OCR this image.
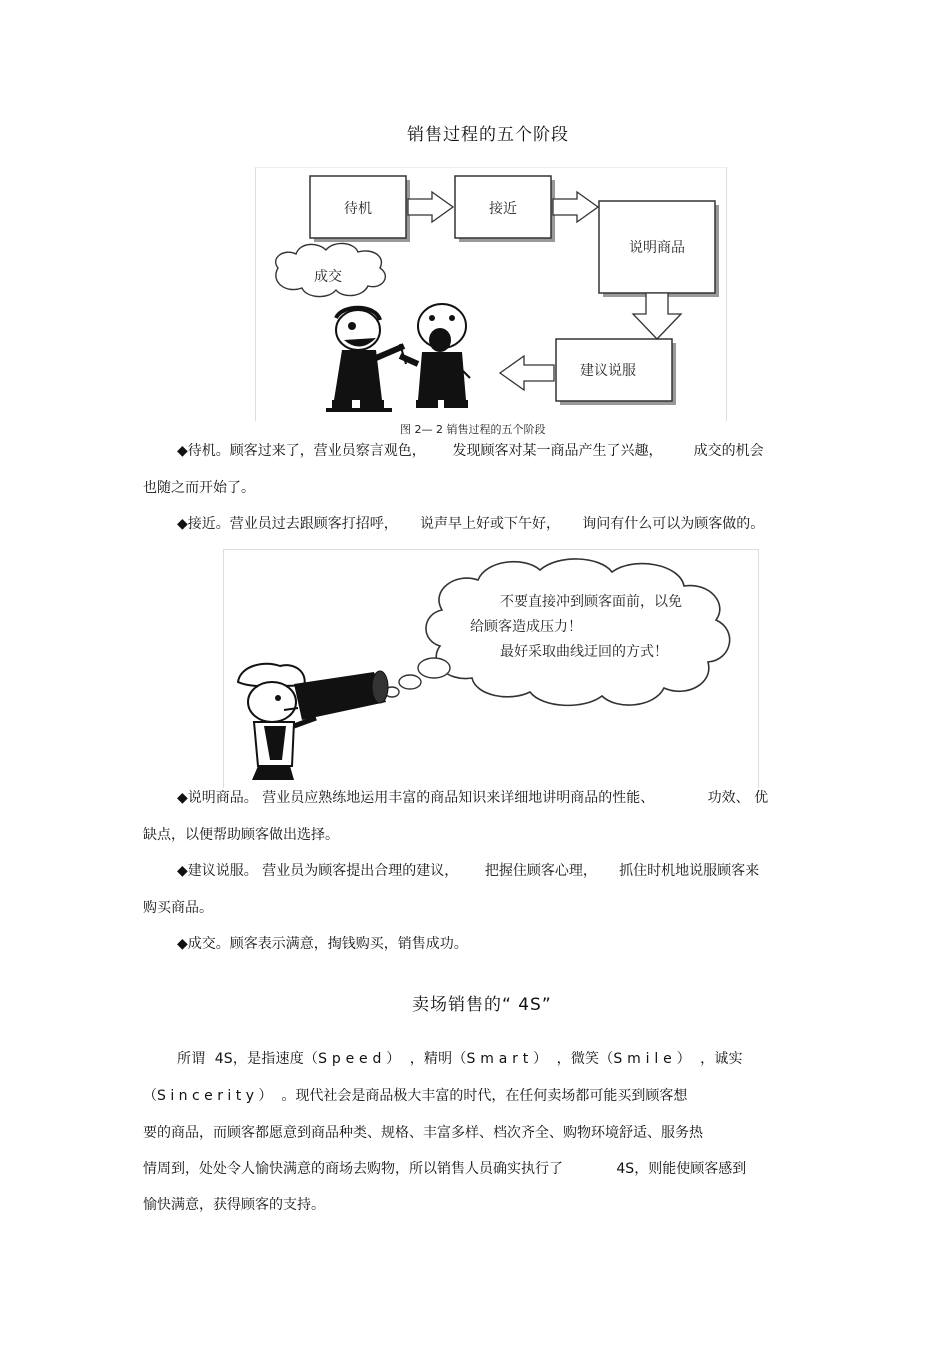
销售过程的五个阶段
待机	接近
说明商品
建议说服
成交
图 2— 2 销售过程的五个阶段
◆待机。顾客过来了，营业员察言观色，      发现顾客对某一商品产生了兴趣，       成交的机会
也随之而开始了。
◆接近。营业员过去跟顾客打招呼，     说声早上好或下午好，     询问有什么可以为顾客做的。
不要直接冲到顾客面前，以免
给顾客造成压力！
最好采取曲线迂回的方式！
◆说明商品。 营业员应熟练地运用丰富的商品知识来详细地讲明商品的性能、            功效、 优
缺点，以便帮助顾客做出选择。
◆建议说服。 营业员为顾客提出合理的建议，      把握住顾客心理，     抓住时机地说服顾客来
购买商品。
◆成交。顾客表示满意，掏钱购买，销售成功。
卖场销售的“ 4S”
所谓  4S，是指速度（S p e e d ）  ，精明（S m a r t ）  ，微笑（S m i l e ）  ，诚实
（S i n c e r i t y ）  。现代社会是商品极大丰富的时代，在任何卖场都可能买到顾客想
要的商品，而顾客都愿意到商品种类、规格、丰富多样、档次齐全、购物环境舒适、服务热
情周到，处处令人愉快满意的商场去购物，所以销售人员确实执行了            4S，则能使顾客感到
愉快满意，获得顾客的支持。
